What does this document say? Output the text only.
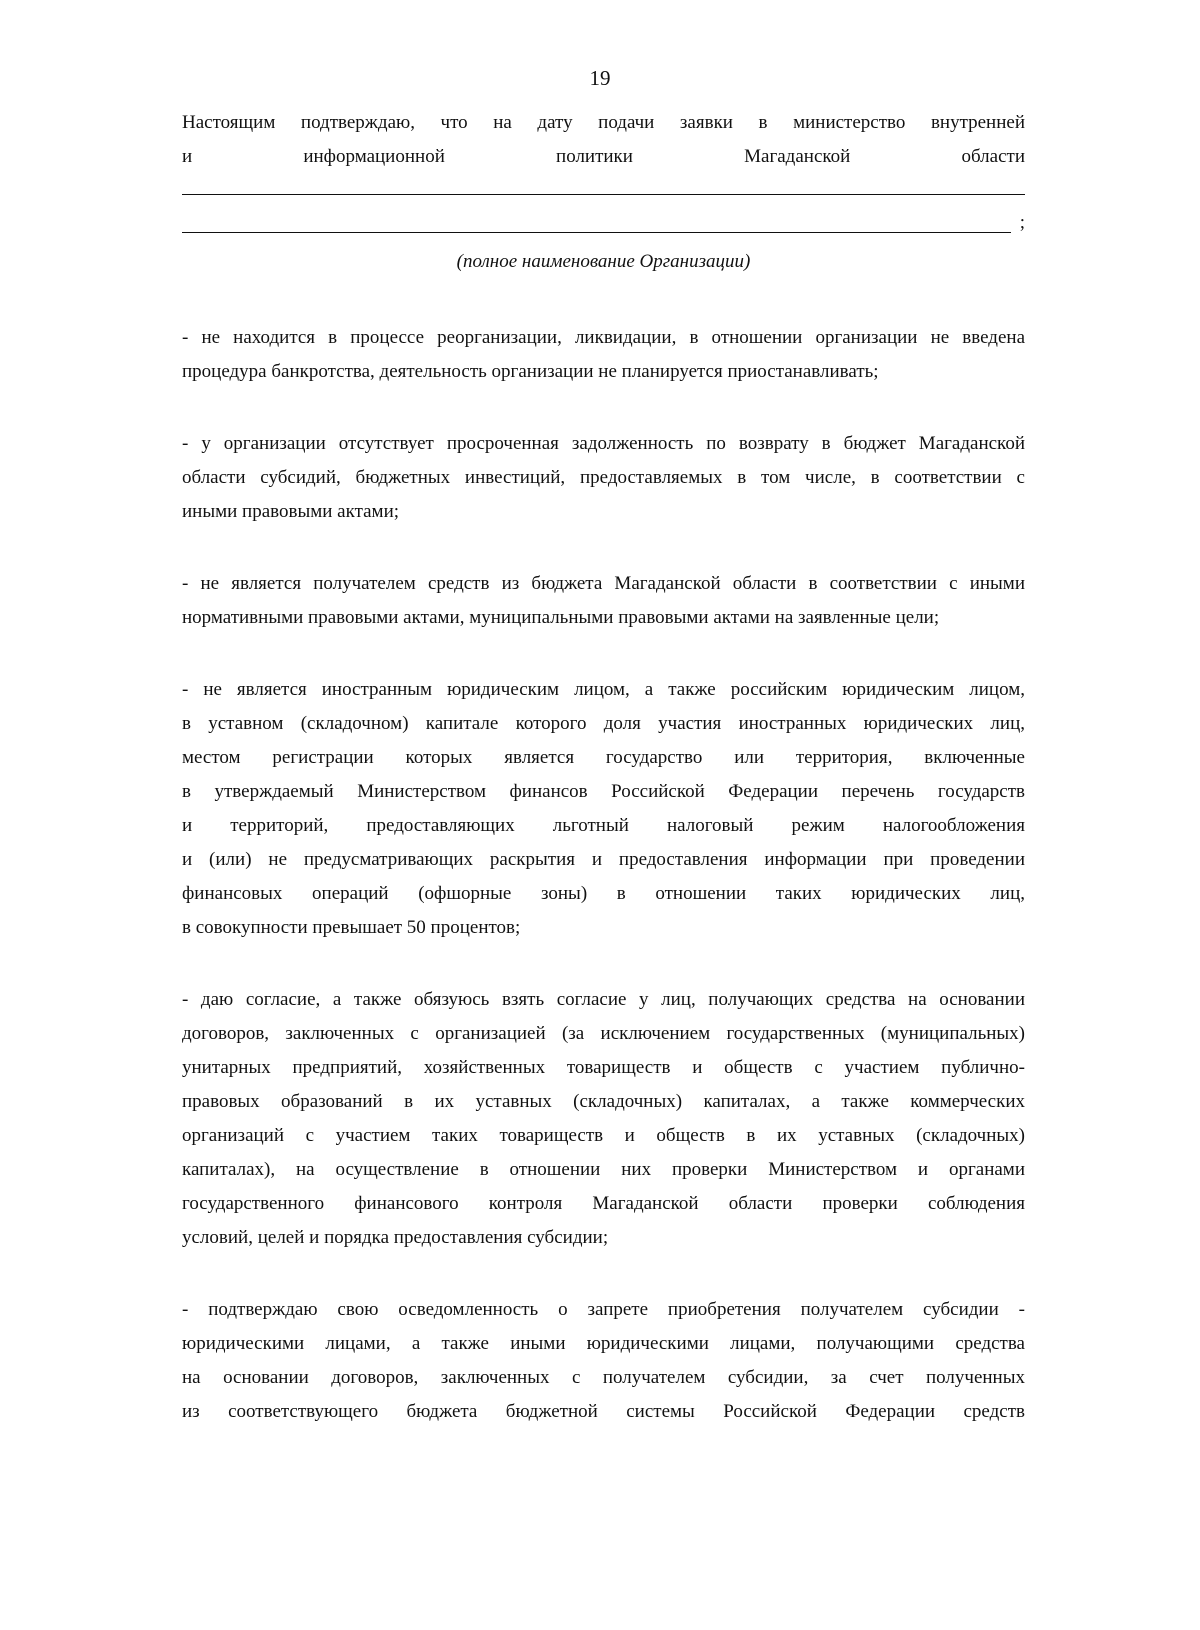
19
Настоящим подтверждаю, что на дату подачи заявки в министерство внутренней
и информационной политики Магаданской области
;
(полное наименование Организации)
- не находится в процессе реорганизации, ликвидации, в отношении организации не введена
процедура банкротства, деятельность организации не планируется приостанавливать;
- у организации отсутствует просроченная задолженность по возврату в бюджет Магаданской
области субсидий, бюджетных инвестиций, предоставляемых в том числе, в соответствии с
иными правовыми актами;
- не является получателем средств из бюджета Магаданской области в соответствии с иными
нормативными правовыми актами, муниципальными правовыми актами на заявленные цели;
- не является иностранным юридическим лицом, а также российским юридическим лицом,
в уставном (складочном) капитале которого доля участия иностранных юридических лиц,
местом регистрации которых является государство или территория, включенные
в утверждаемый Министерством финансов Российской Федерации перечень государств
и территорий, предоставляющих льготный налоговый режим налогообложения
и (или) не предусматривающих раскрытия и предоставления информации при проведении
финансовых операций (офшорные зоны) в отношении таких юридических лиц,
в совокупности превышает 50 процентов;
- даю согласие, а также обязуюсь взять согласие у лиц, получающих средства на основании
договоров, заключенных с организацией (за исключением государственных (муниципальных)
унитарных предприятий, хозяйственных товариществ и обществ с участием публично-
правовых образований в их уставных (складочных) капиталах, а также коммерческих
организаций с участием таких товариществ и обществ в их уставных (складочных)
капиталах), на осуществление в отношении них проверки Министерством и органами
государственного финансового контроля Магаданской области проверки соблюдения
условий, целей и порядка предоставления субсидии;
- подтверждаю свою осведомленность о запрете приобретения получателем субсидии -
юридическими лицами, а также иными юридическими лицами, получающими средства
на основании договоров, заключенных с получателем субсидии, за счет полученных
из соответствующего бюджета бюджетной системы Российской Федерации средств
